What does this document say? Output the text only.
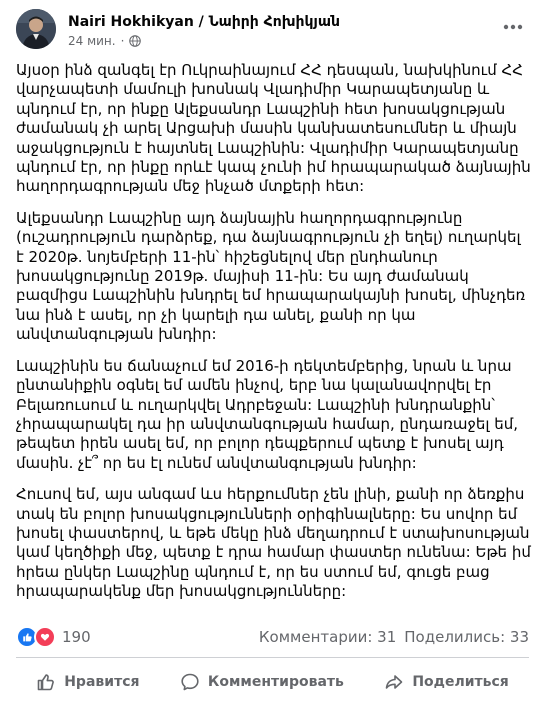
Nairi Hokhikyan / Նաիրի Հոխիկյան
24 мин. ·

Այսօր ինձ զանգել էր Ուկրաինայում ՀՀ դեսպան, նախկինում ՀՀ վարչապետի մամուլի խոսնակ Վլադիմիր Կարապետյանը և պնդում էր, որ ինքը Ալեքսանդր Լապշինի հետ խոսակցության ժամանակ չի արել Արցախի մասին կանխատեսումներ և միայն աջակցություն է հայտնել Լապշինին: Վլադիմիր Կարապետյանը պնդում էր, որ ինքը որևէ կապ չունի իմ հրապարակած ձայնային հաղորդագրության մեջ ինչած մտքերի հետ:

Ալեքսանդր Լապշինը այդ ձայնային հաղորդագրությունը (ուշադրություն դարձրեք, դա ձայնագրություն չի եղել) ուղարկել է 2020թ. նոյեմբերի 11-ին՝ հիշեցնելով մեր ընդհանուր խոսակցությունը 2019թ. մայիսի 11-ին: Ես այդ ժամանակ բազմիցս Լապշինին խնդրել եմ հրապարակայնի խոսել, մինչդեռ նա ինձ է ասել, որ չի կարելի դա անել, քանի որ կա անվտանգության խնդիր:

Լապշինին ես ճանաչում եմ 2016-ի դեկտեմբերից, նրան և նրա ընտանիքին օգնել եմ ամեն ինչով, երբ նա կալանավորվել էր Բելառուսում և ուղարկվել Ադրբեջան: Լապշինի խնդրանքին՝ չհրապարակել դա իր անվտանգության համար, ընդառաջել եմ, թեպետ իրեն ասել եմ, որ բոլոր դեպքերում պետք է խոսել այդ մասին. չէ՞ որ ես էլ ունեմ անվտանգության խնդիր:

Հուսով եմ, այս անգամ ևս հերքումներ չեն լինի, քանի որ ձեռքիս տակ են բոլոր խոսակցությունների օրիգինալները: Ես սովոր եմ խոսել փաստերով, և եթե մեկը ինձ մեղադրում է ստախոսության կամ կեղծիքի մեջ, պետք է դրա համար փաստեր ունենա: Եթե իմ հրեա ընկեր Լապշինը պնդում է, որ ես ստում եմ, գուցե բաց հրապարակենք մեր խոսակցությունները:

190	Комментарии: 31 Поделились: 33
Нравится	Комментировать	Поделиться
